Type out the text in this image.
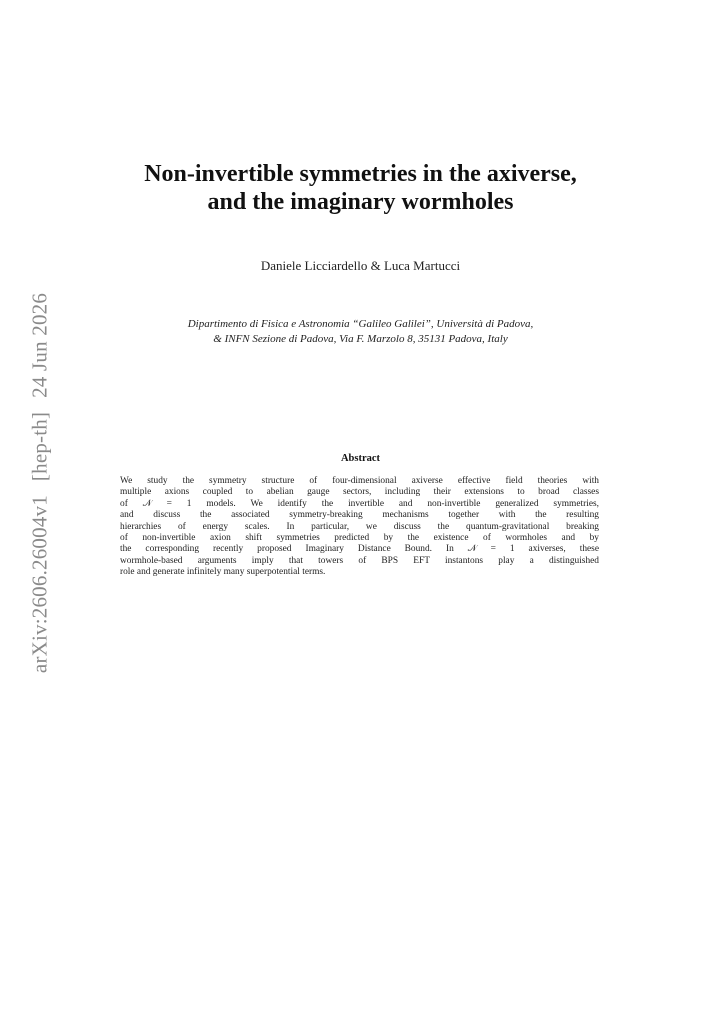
arXiv:2606.26004v1[hep-th]24 Jun 2026
Non-invertible symmetries in the axiverse,
and the imaginary wormholes
Daniele Licciardello & Luca Martucci
Dipartimento di Fisica e Astronomia “Galileo Galilei”, Università di Padova,
& INFN Sezione di Padova, Via F. Marzolo 8, 35131 Padova, Italy
Abstract
We study the symmetry structure of four-dimensional axiverse effective field theories with
multiple axions coupled to abelian gauge sectors, including their extensions to broad classes
of 𝒩 = 1 models. We identify the invertible and non-invertible generalized symmetries,
and discuss the associated symmetry-breaking mechanisms together with the resulting
hierarchies of energy scales. In particular, we discuss the quantum-gravitational breaking
of non-invertible axion shift symmetries predicted by the existence of wormholes and by
the corresponding recently proposed Imaginary Distance Bound. In 𝒩 = 1 axiverses, these
wormhole-based arguments imply that towers of BPS EFT instantons play a distinguished
role and generate infinitely many superpotential terms.
